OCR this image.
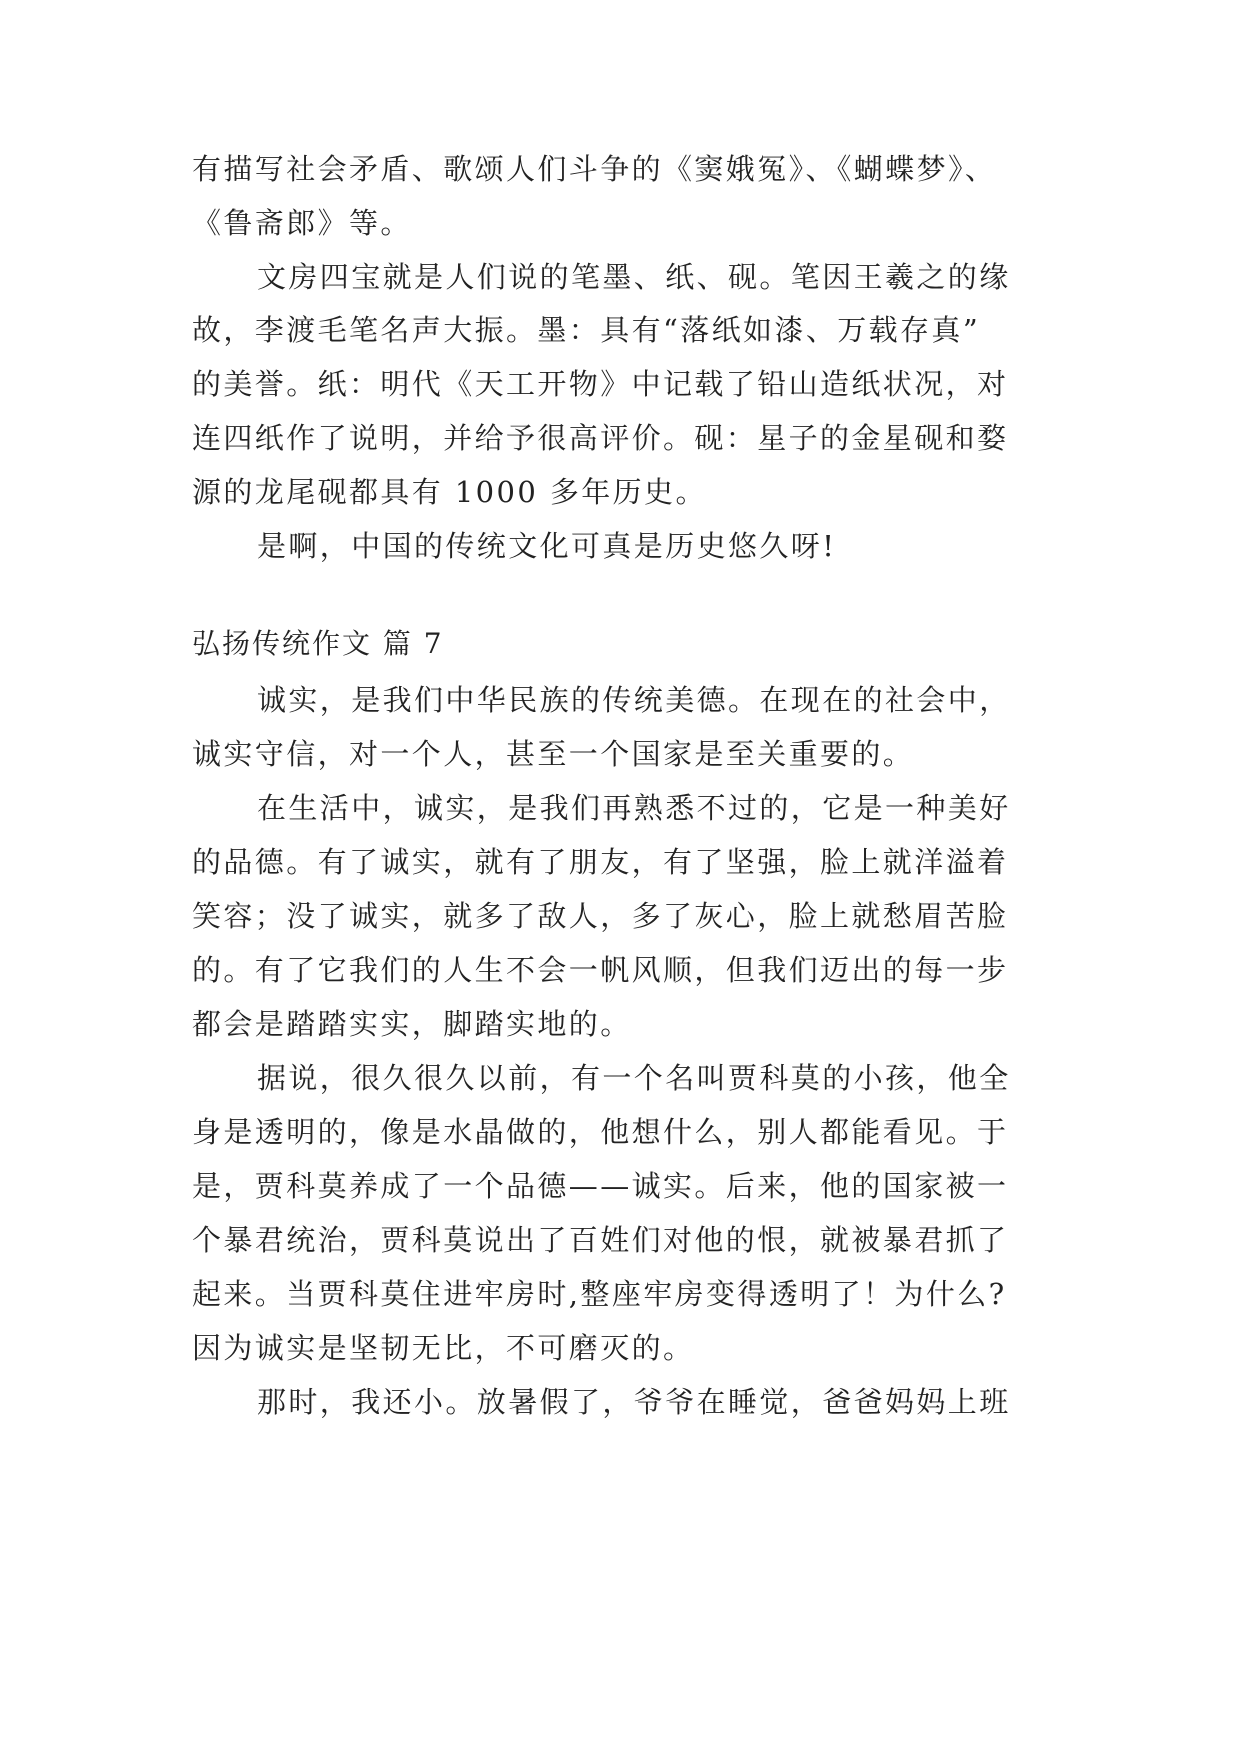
有描写社会矛盾、歌颂人们斗争的《窦娥冤》、《蝴蝶梦》、
《鲁斋郎》等。
文房四宝就是人们说的笔墨、纸、砚。笔因王羲之的缘
故，李渡毛笔名声大振。墨：具有“落纸如漆、万载存真”
的美誉。纸：明代《天工开物》中记载了铅山造纸状况，对
连四纸作了说明，并给予很高评价。砚：星子的金星砚和婺
源的龙尾砚都具有 1000 多年历史。
是啊，中国的传统文化可真是历史悠久呀!
弘扬传统作文 篇 7
诚实，是我们中华民族的传统美德。在现在的社会中，
诚实守信，对一个人，甚至一个国家是至关重要的。
在生活中，诚实，是我们再熟悉不过的，它是一种美好
的品德。有了诚实，就有了朋友，有了坚强，脸上就洋溢着
笑容；没了诚实，就多了敌人，多了灰心，脸上就愁眉苦脸
的。有了它我们的人生不会一帆风顺，但我们迈出的每一步
都会是踏踏实实，脚踏实地的。
据说，很久很久以前，有一个名叫贾科莫的小孩，他全
身是透明的，像是水晶做的，他想什么，别人都能看见。于
是，贾科莫养成了一个品德——诚实。后来，他的国家被一
个暴君统治，贾科莫说出了百姓们对他的恨，就被暴君抓了
起来。当贾科莫住进牢房时,整座牢房变得透明了！为什么?
因为诚实是坚韧无比，不可磨灭的。
那时，我还小。放暑假了，爷爷在睡觉，爸爸妈妈上班
